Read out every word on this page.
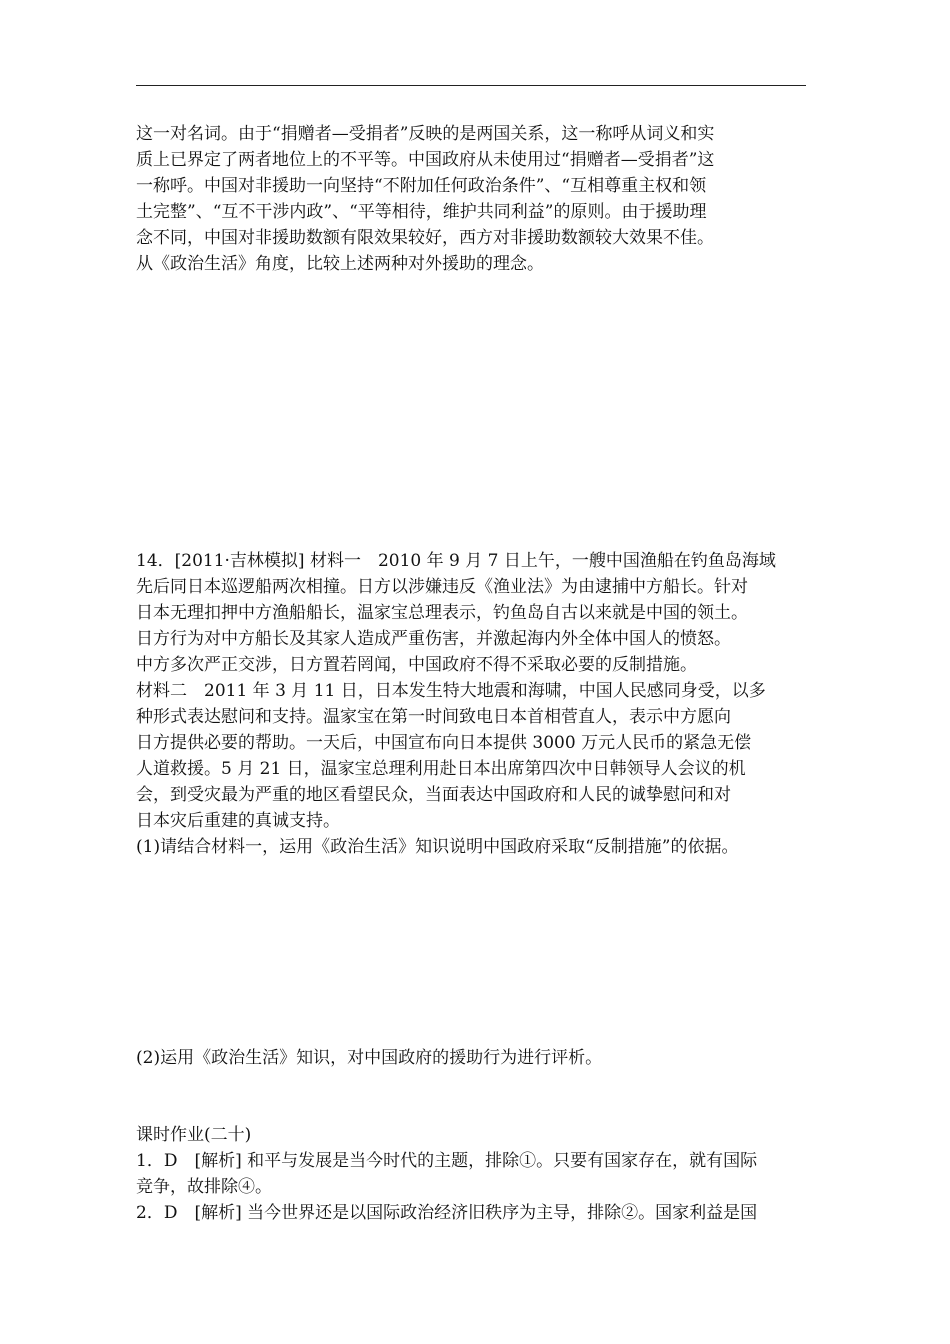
这一对名词。由于“捐赠者—受捐者”反映的是两国关系，这一称呼从词义和实
质上已界定了两者地位上的不平等。中国政府从未使用过“捐赠者—受捐者”这
一称呼。中国对非援助一向坚持“不附加任何政治条件”、“互相尊重主权和领
土完整”、“互不干涉内政”、“平等相待，维护共同利益”的原则。由于援助理
念不同，中国对非援助数额有限效果较好，西方对非援助数额较大效果不佳。
从《政治生活》角度，比较上述两种对外援助的理念。
14．[2011·吉林模拟] 材料一　2010 年 9 月 7 日上午，一艘中国渔船在钓鱼岛海域
先后同日本巡逻船两次相撞。日方以涉嫌违反《渔业法》为由逮捕中方船长。针对
日本无理扣押中方渔船船长，温家宝总理表示，钓鱼岛自古以来就是中国的领土。
日方行为对中方船长及其家人造成严重伤害，并激起海内外全体中国人的愤怒。
中方多次严正交涉，日方置若罔闻，中国政府不得不采取必要的反制措施。
材料二　2011 年 3 月 11 日，日本发生特大地震和海啸，中国人民感同身受，以多
种形式表达慰问和支持。温家宝在第一时间致电日本首相菅直人，表示中方愿向
日方提供必要的帮助。一天后，中国宣布向日本提供 3000 万元人民币的紧急无偿
人道救援。5 月 21 日，温家宝总理利用赴日本出席第四次中日韩领导人会议的机
会，到受灾最为严重的地区看望民众，当面表达中国政府和人民的诚挚慰问和对
日本灾后重建的真诚支持。
(1)请结合材料一，运用《政治生活》知识说明中国政府采取“反制措施”的依据。
(2)运用《政治生活》知识，对中国政府的援助行为进行评析。
课时作业(二十)
1．D　[解析] 和平与发展是当今时代的主题，排除①。只要有国家存在，就有国际
竞争，故排除④。
2．D　[解析] 当今世界还是以国际政治经济旧秩序为主导，排除②。国家利益是国
